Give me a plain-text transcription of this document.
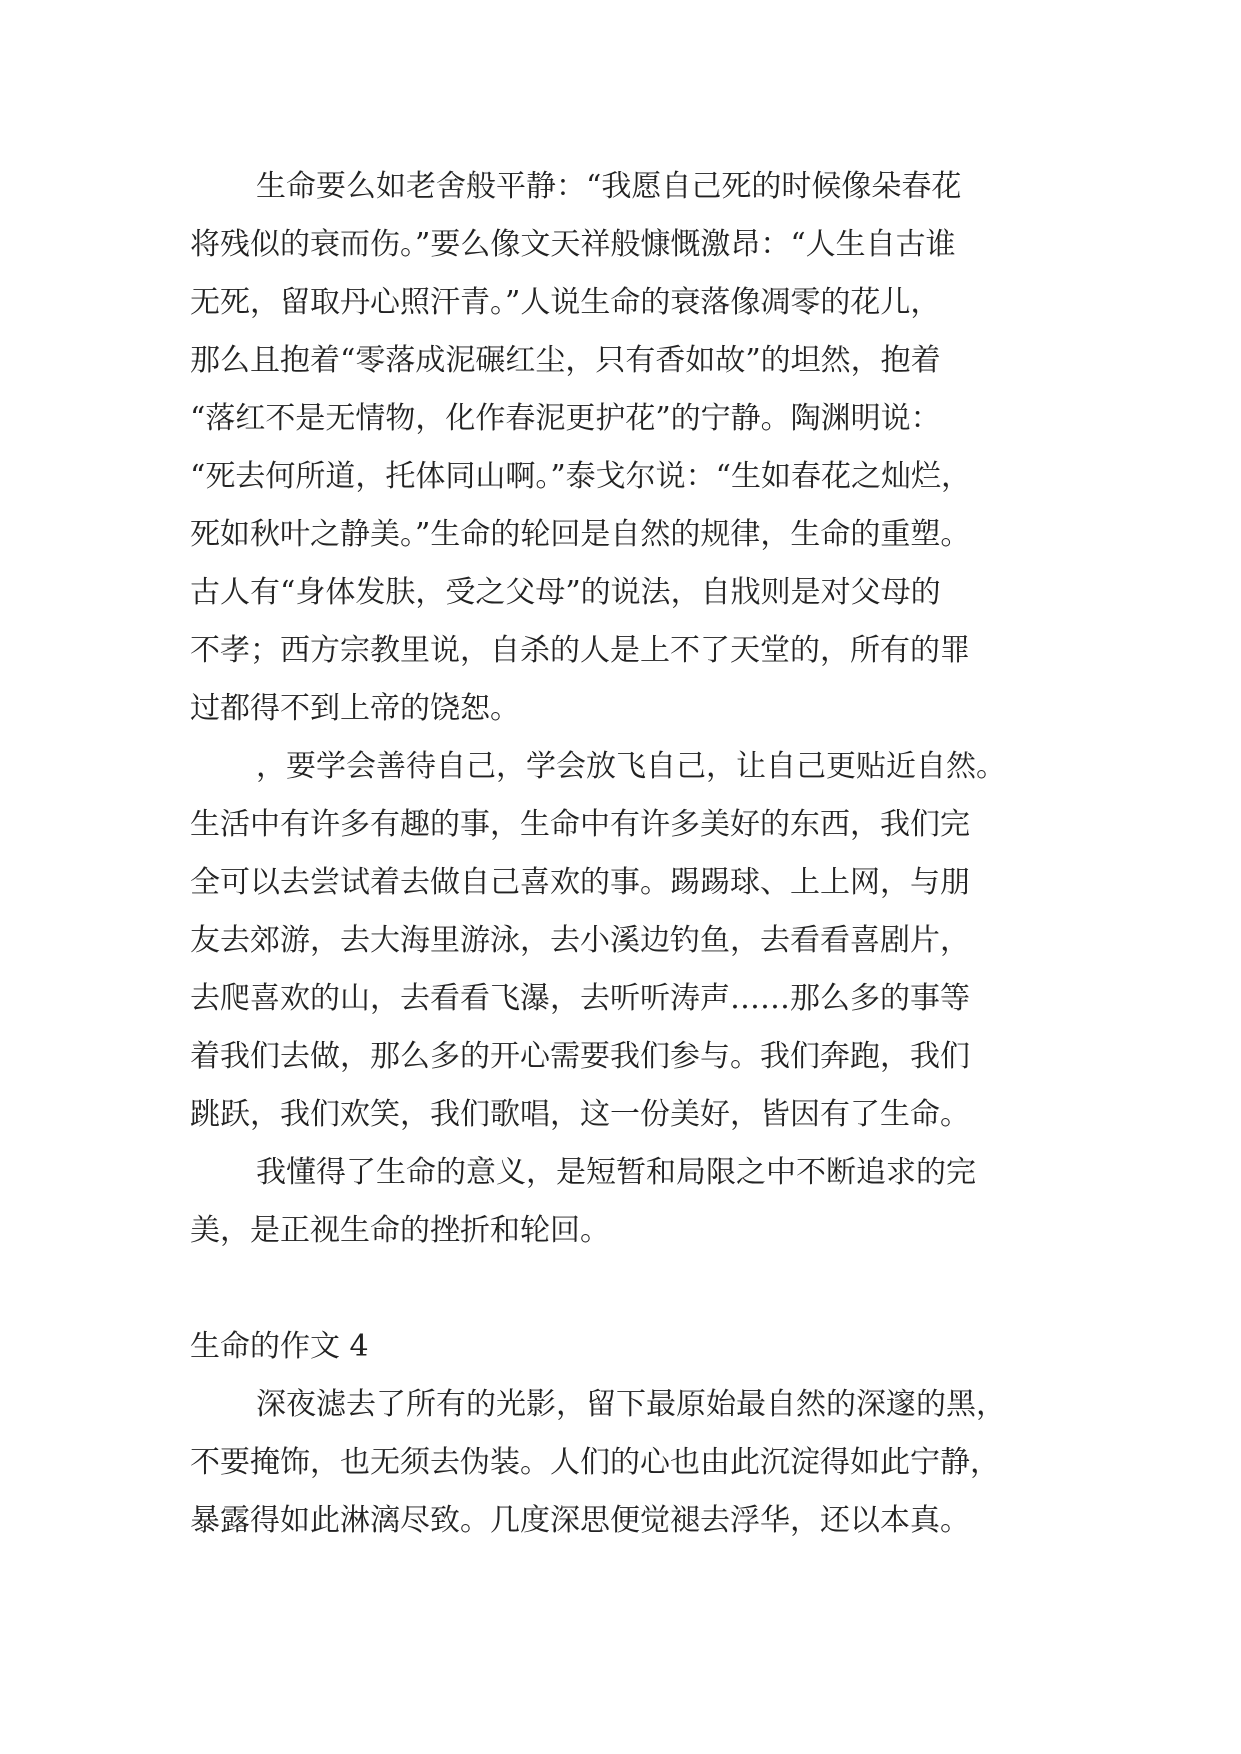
生命要么如老舍般平静：“我愿自己死的时候像朵春花
将残似的衰而伤。”要么像文天祥般慷慨激昂：“人生自古谁
无死，留取丹心照汗青。”人说生命的衰落像凋零的花儿，
那么且抱着“零落成泥碾红尘，只有香如故”的坦然，抱着
“落红不是无情物，化作春泥更护花”的宁静。陶渊明说：
“死去何所道，托体同山啊。”泰戈尔说：“生如春花之灿烂，
死如秋叶之静美。”生命的轮回是自然的规律，生命的重塑。
古人有“身体发肤，受之父母”的说法，自戕则是对父母的
不孝；西方宗教里说，自杀的人是上不了天堂的，所有的罪
过都得不到上帝的饶恕。
，要学会善待自己，学会放飞自己，让自己更贴近自然。
生活中有许多有趣的事，生命中有许多美好的东西，我们完
全可以去尝试着去做自己喜欢的事。踢踢球、上上网，与朋
友去郊游，去大海里游泳，去小溪边钓鱼，去看看喜剧片，
去爬喜欢的山，去看看飞瀑，去听听涛声……那么多的事等
着我们去做，那么多的开心需要我们参与。我们奔跑，我们
跳跃，我们欢笑，我们歌唱，这一份美好，皆因有了生命。
我懂得了生命的意义，是短暂和局限之中不断追求的完
美，是正视生命的挫折和轮回。
生命的作文 4
深夜滤去了所有的光影，留下最原始最自然的深邃的黑，
不要掩饰，也无须去伪装。人们的心也由此沉淀得如此宁静，
暴露得如此淋漓尽致。几度深思便觉褪去浮华，还以本真。
